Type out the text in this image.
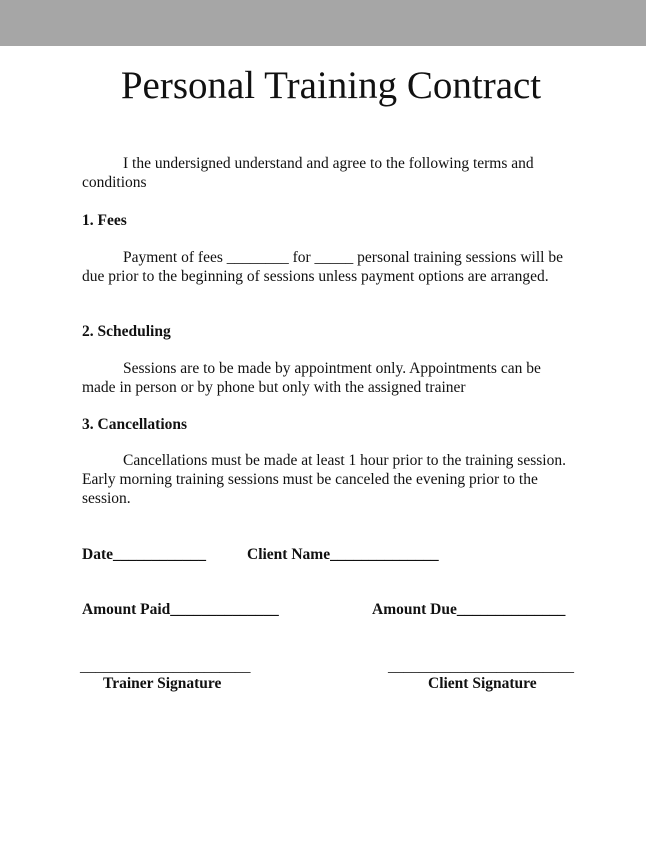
Personal Training Contract
I the undersigned understand and agree to the following terms and conditions
1. Fees
Payment of fees ________ for _____ personal training sessions will be due prior to the beginning of sessions unless payment options are arranged.
2. Scheduling
Sessions are to be made by appointment only. Appointments can be made in person or by phone but only with the assigned trainer
3. Cancellations
Cancellations must be made at least 1 hour prior to the training session. Early morning training sessions must be canceled the evening prior to the session.
Date____________	Client Name______________
Amount Paid______________	Amount Due______________
______________________
Trainer Signature
________________________
Client Signature
